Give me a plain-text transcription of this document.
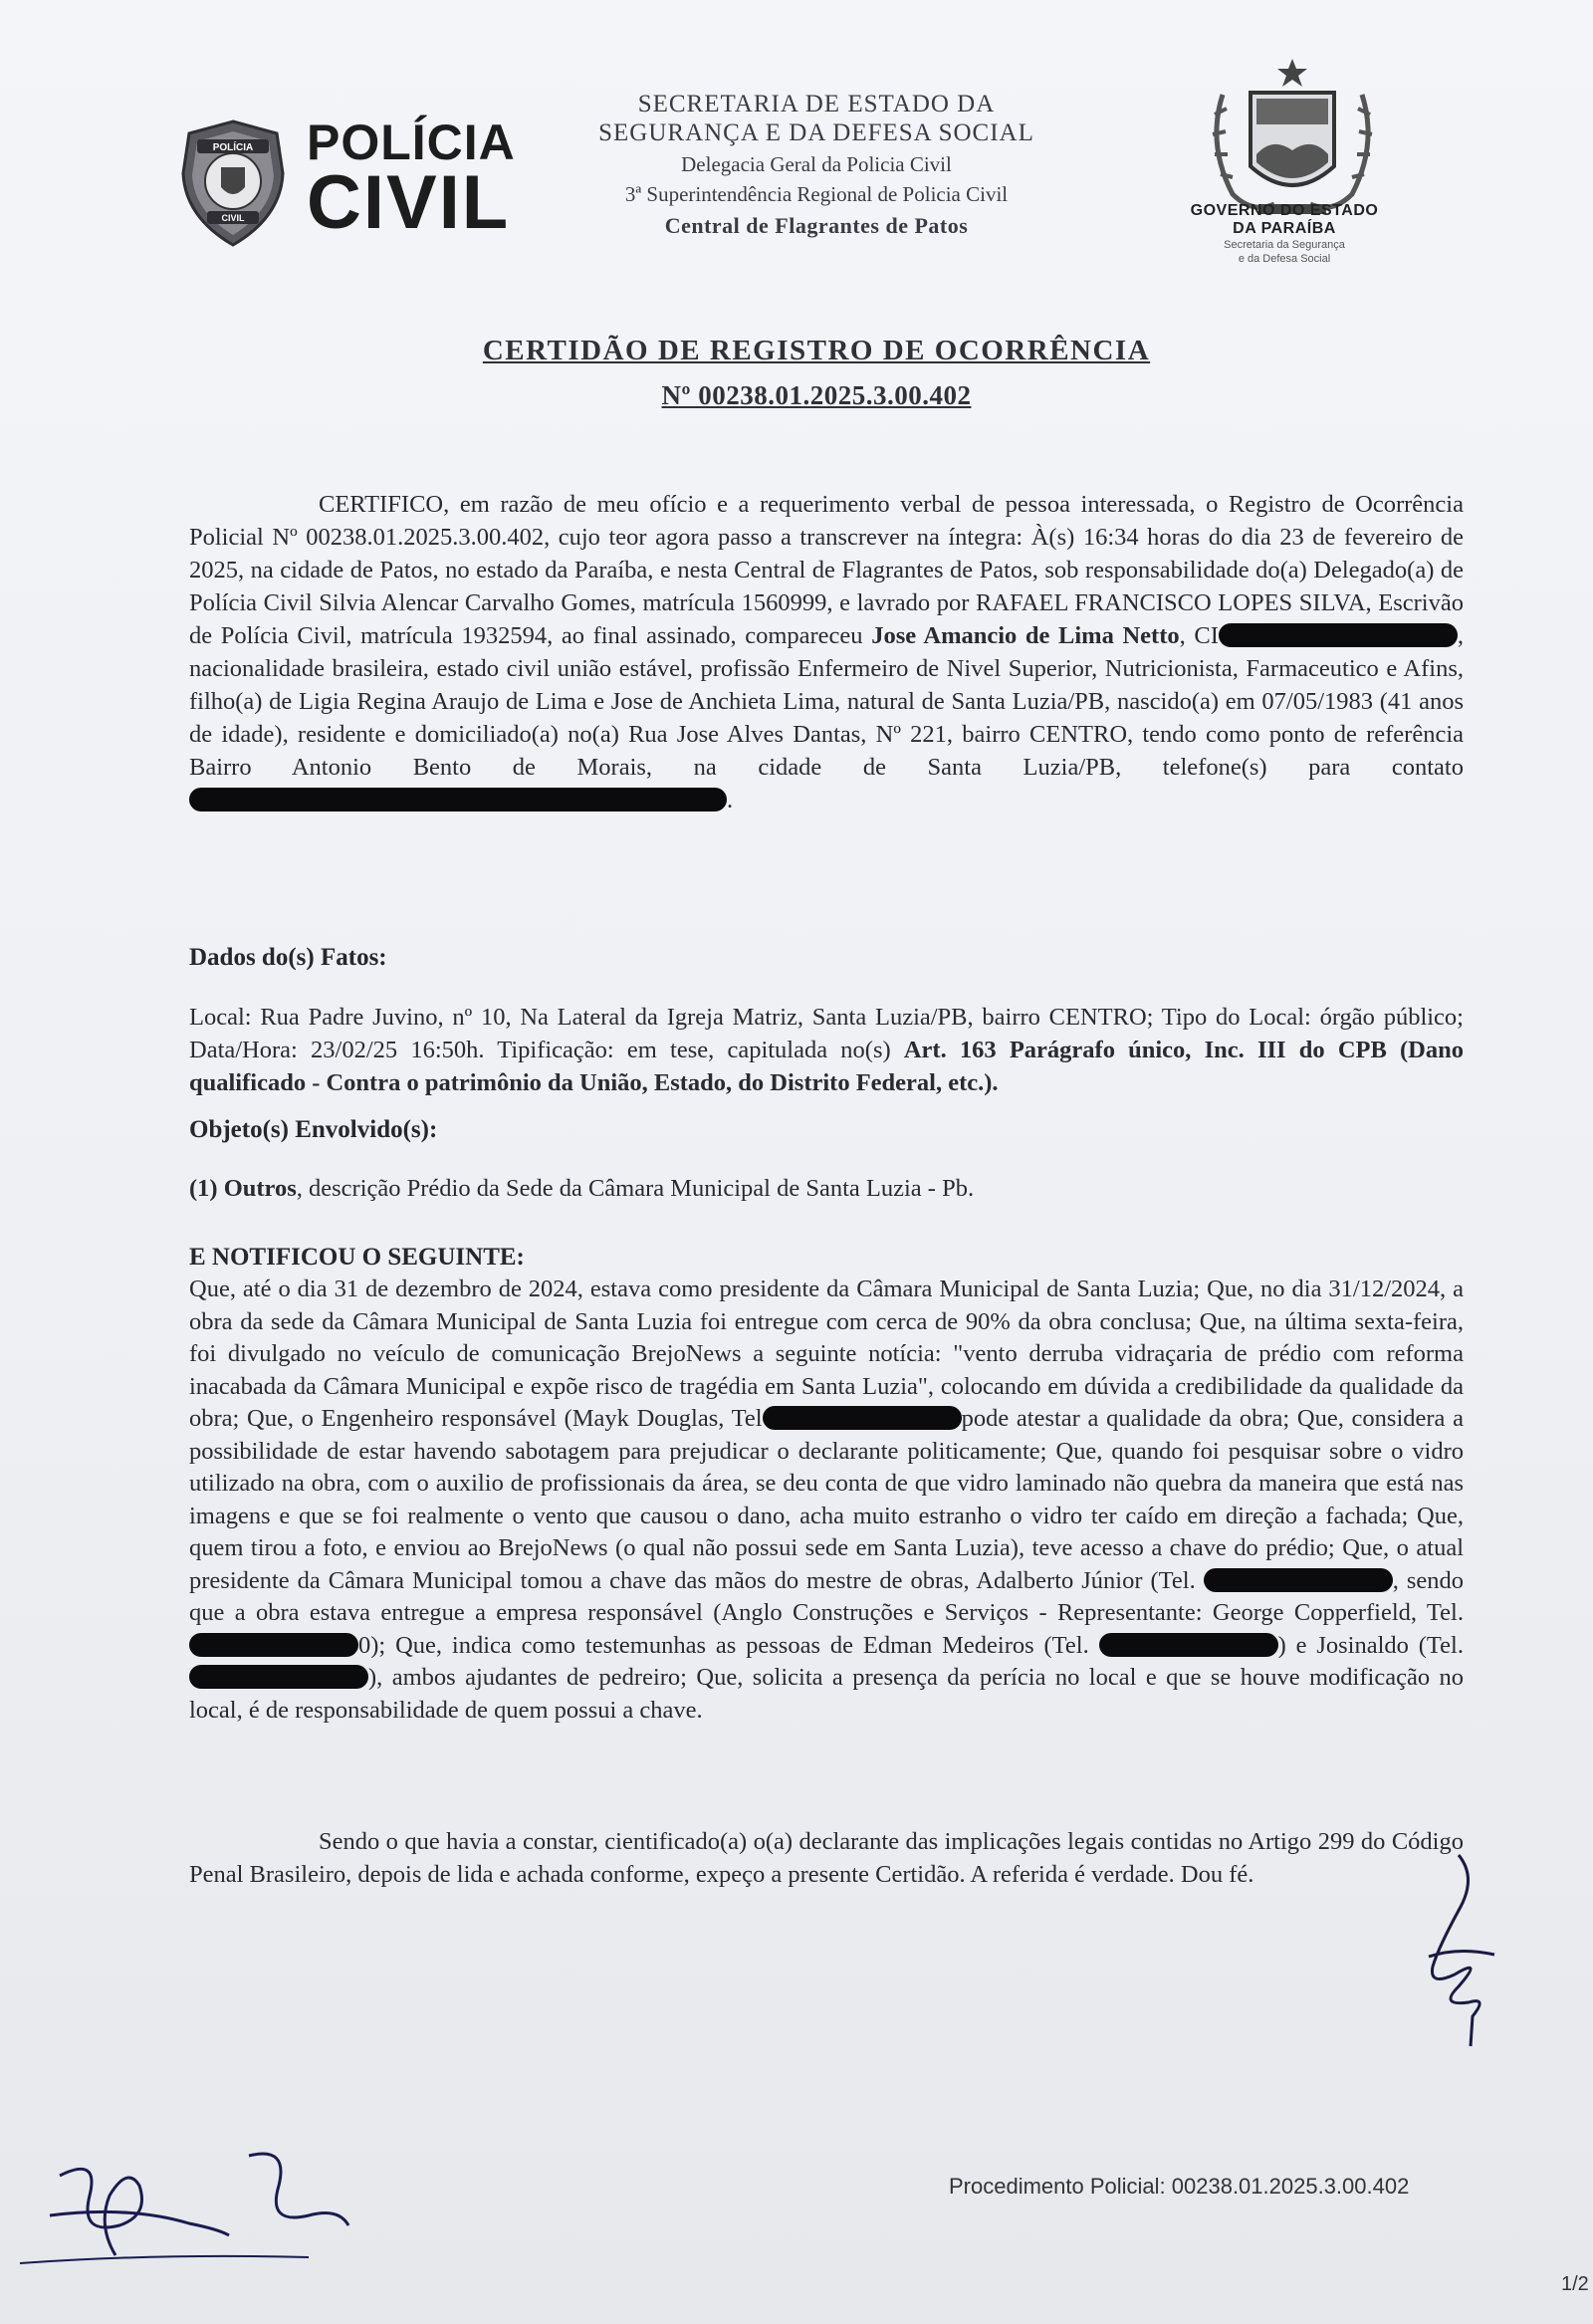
POLÍCIA
CIVIL
POLÍCIA
CIVIL
SECRETARIA DE ESTADO DA
SEGURANÇA E DA DEFESA SOCIAL
Delegacia Geral da Policia Civil
3ª Superintendência Regional de Policia Civil
Central de Flagrantes de Patos
GOVERNO DO ESTADO
DA PARAÍBA
Secretaria da Segurança
e da Defesa Social
CERTIDÃO DE REGISTRO DE OCORRÊNCIA
Nº 00238.01.2025.3.00.402

CERTIFICO, em razão de meu ofício e a requerimento verbal de pessoa interessada, o Registro de Ocorrência Policial Nº 00238.01.2025.3.00.402, cujo teor agora passo a transcrever na íntegra: À(s) 16:34 horas do dia 23 de fevereiro de 2025, na cidade de Patos, no estado da Paraíba, e nesta Central de Flagrantes de Patos, sob responsabilidade do(a) Delegado(a) de Polícia Civil Silvia Alencar Carvalho Gomes, matrícula 1560999, e lavrado por RAFAEL FRANCISCO LOPES SILVA, Escrivão de Polícia Civil, matrícula 1932594, ao final assinado, compareceu Jose Amancio de Lima Netto, CI	, nacionalidade brasileira, estado civil união estável, profissão Enfermeiro de Nivel Superior, Nutricionista, Farmaceutico e Afins, filho(a) de Ligia Regina Araujo de Lima e Jose de Anchieta Lima, natural de Santa Luzia/PB, nascido(a) em 07/05/1983 (41 anos de idade), residente e domiciliado(a) no(a) Rua Jose Alves Dantas, Nº 221, bairro CENTRO, tendo como ponto de referência Bairro Antonio Bento de Morais, na cidade de Santa Luzia/PB, telefone(s) para contato.

Dados do(s) Fatos:

Local: Rua Padre Juvino, nº 10, Na Lateral da Igreja Matriz, Santa Luzia/PB, bairro CENTRO; Tipo do Local: órgão público; Data/Hora: 23/02/25 16:50h. Tipificação: em tese, capitulada no(s) Art. 163 Parágrafo único, Inc. III do CPB (Dano qualificado - Contra o patrimônio da União, Estado, do Distrito Federal, etc.).

Objeto(s) Envolvido(s):

(1) Outros, descrição Prédio da Sede da Câmara Municipal de Santa Luzia - Pb.

E NOTIFICOU O SEGUINTE:

Que, até o dia 31 de dezembro de 2024, estava como presidente da Câmara Municipal de Santa Luzia; Que, no dia 31/12/2024, a obra da sede da Câmara Municipal de Santa Luzia foi entregue com cerca de 90% da obra conclusa; Que, na última sexta-feira, foi divulgado no veículo de comunicação BrejoNews a seguinte notícia: "vento derruba vidraçaria de prédio com reforma inacabada da Câmara Municipal e expõe risco de tragédia em Santa Luzia", colocando em dúvida a credibilidade da qualidade da obra; Que, o Engenheiro responsável (Mayk Douglas, Tel	pode atestar a qualidade da obra; Que, considera a possibilidade de estar havendo sabotagem para prejudicar o declarante politicamente; Que, quando foi pesquisar sobre o vidro utilizado na obra, com o auxilio de profissionais da área, se deu conta de que vidro laminado não quebra da maneira que está nas imagens e que se foi realmente o vento que causou o dano, acha muito estranho o vidro ter caído em direção a fachada; Que, quem tirou a foto, e enviou ao BrejoNews (o qual não possui sede em Santa Luzia), teve acesso a chave do prédio; Que, o atual presidente da Câmara Municipal tomou a chave das mãos do mestre de obras, Adalberto Júnior (Tel.	, sendo que a obra estava entregue a empresa responsável (Anglo Construções e Serviços - Representante: George Copperfield, Tel. 0); Que, indica como testemunhas as pessoas de Edman Medeiros (Tel.	) e Josinaldo (Tel. ), ambos ajudantes de pedreiro; Que, solicita a presença da perícia no local e que se houve modificação no local, é de responsabilidade de quem possui a chave.

Sendo o que havia a constar, cientificado(a) o(a) declarante das implicações legais contidas no Artigo 299 do Código Penal Brasileiro, depois de lida e achada conforme, expeço a presente Certidão. A referida é verdade. Dou fé.

Procedimento Policial: 00238.01.2025.3.00.402
1/2
